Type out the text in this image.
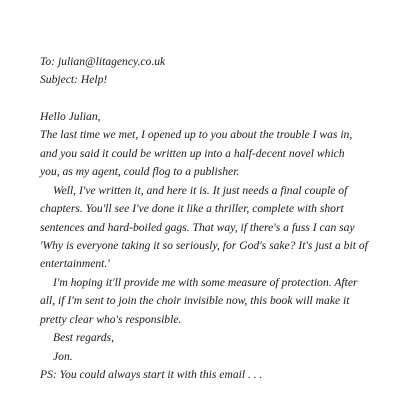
To: julian@litagency.co.uk
Subject: Help!
Hello Julian,
The last time we met, I opened up to you about the trouble I was in,
and you said it could be written up into a half-decent novel which
you, as my agent, could flog to a publisher.
Well, I've written it, and here it is. It just needs a final couple of
chapters. You'll see I've done it like a thriller, complete with short
sentences and hard-boiled gags. That way, if there's a fuss I can say
'Why is everyone taking it so seriously, for God's sake? It's just a bit of
entertainment.'
I'm hoping it'll provide me with some measure of protection. After
all, if I'm sent to join the choir invisible now, this book will make it
pretty clear who's responsible.
Best regards,
Jon.
PS: You could always start it with this email . . .
